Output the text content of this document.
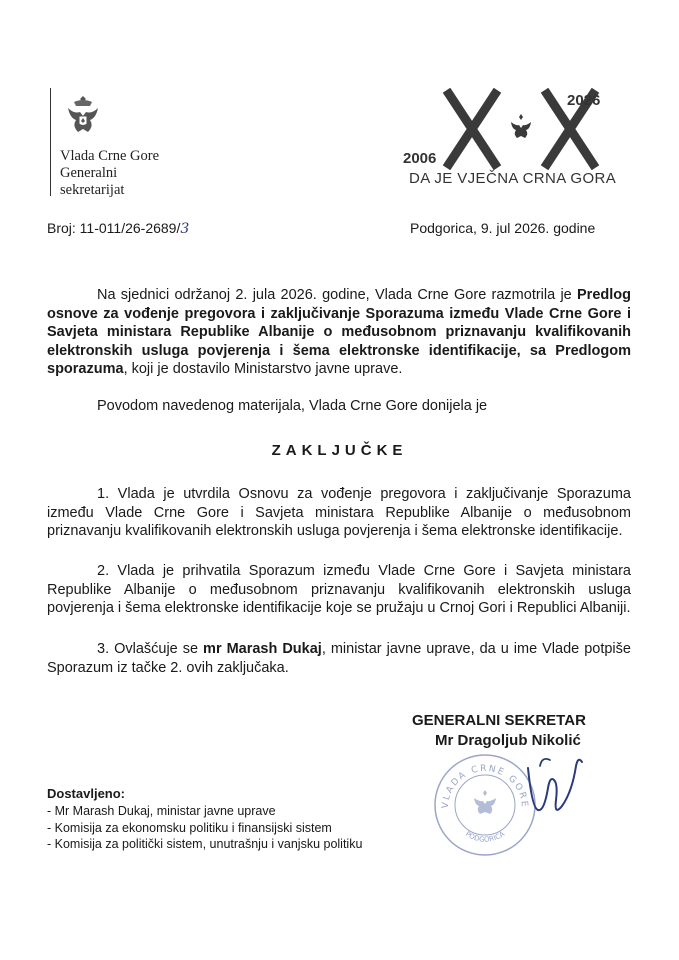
Vlada Crne Gore
Generalni
sekretarijat
2006
2026
DA JE VJEČNA CRNA GORA
Broj: 11-011/26-2689/3	Podgorica, 9. jul 2026. godine
Na sjednici održanoj 2. jula 2026. godine, Vlada Crne Gore razmotrila je Predlog osnove za vođenje pregovora i zaključivanje Sporazuma između Vlade Crne Gore i Savjeta ministara Republike Albanije o međusobnom priznavanju kvalifikovanih elektronskih usluga povjerenja i šema elektronske identifikacije, sa Predlogom sporazuma, koji je dostavilo Ministarstvo javne uprave.
Povodom navedenog materijala, Vlada Crne Gore donijela je
ZAKLJUČKE
1. Vlada je utvrdila Osnovu za vođenje pregovora i zaključivanje Sporazuma između Vlade Crne Gore i Savjeta ministara Republike Albanije o međusobnom priznavanju kvalifikovanih elektronskih usluga povjerenja i šema elektronske identifikacije.
2. Vlada je prihvatila Sporazum između Vlade Crne Gore i Savjeta ministara Republike Albanije o međusobnom priznavanju kvalifikovanih elektronskih usluga povjerenja i šema elektronske identifikacije koje se pružaju u Crnoj Gori i Republici Albaniji.
3. Ovlašćuje se mr Marash Dukaj, ministar javne uprave, da u ime Vlade potpiše Sporazum iz tačke 2. ovih zaključaka.
GENERALNI SEKRETAR
Mr Dragoljub Nikolić
VLADA CRNE GORE
PODGORICA
Dostavljeno:
- Mr Marash Dukaj, ministar javne uprave
- Komisija za ekonomsku politiku i finansijski sistem
- Komisija za politički sistem, unutrašnju i vanjsku politiku
